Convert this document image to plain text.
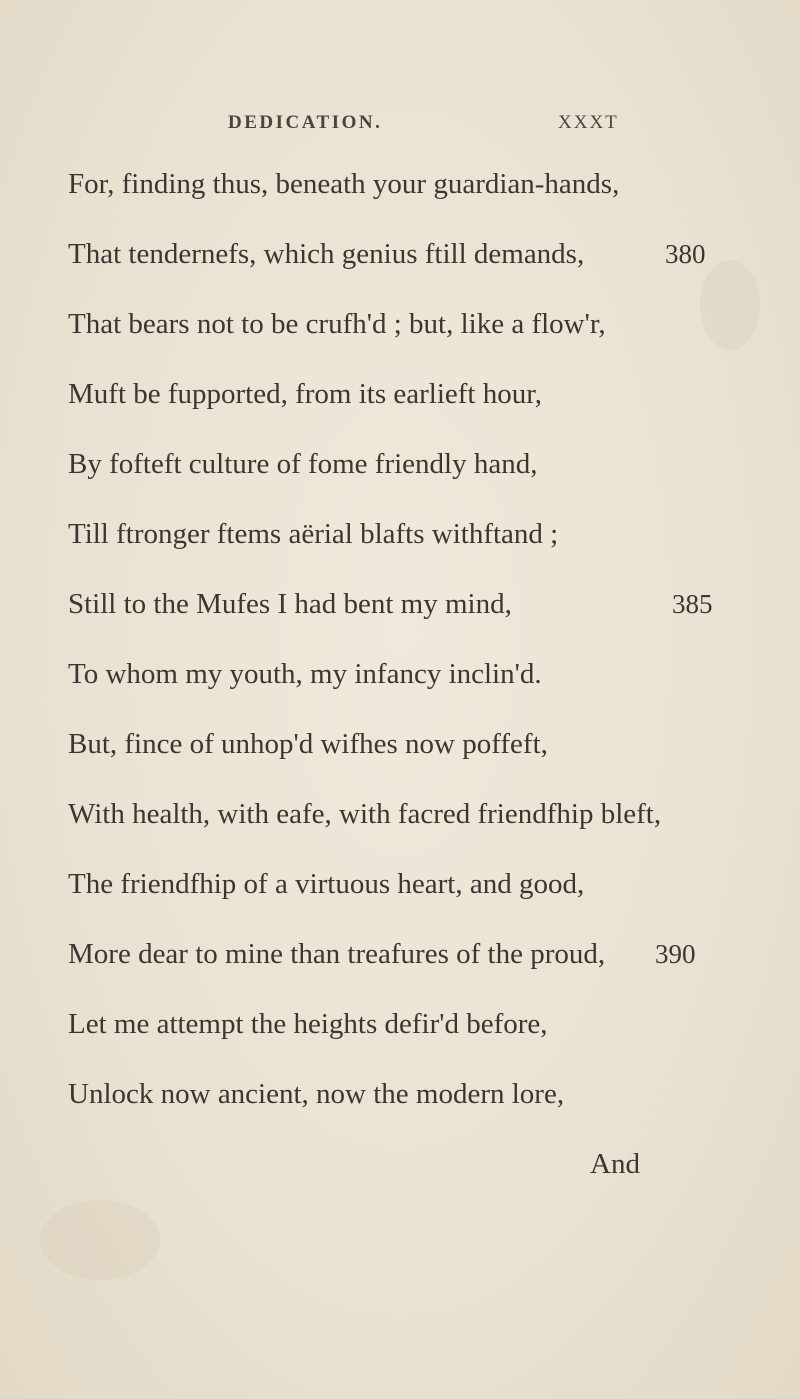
DEDICATION.	XXXT
For, finding thus, beneath your guardian-hands,
That tendernefs, which genius ftill demands,	380
That bears not to be crufh'd ; but, like a flow'r,
Muft be fupported, from its earlieft hour,
By fofteft culture of fome friendly hand,
Till ftronger ftems aërial blafts withftand ;
Still to the Mufes I had bent my mind,	385
To whom my youth, my infancy inclin'd.
But, fince of unhop'd wifhes now poffeft,
With health, with eafe, with facred friendfhip bleft,
The friendfhip of a virtuous heart, and good,
More dear to mine than treafures of the proud, 390
Let me attempt the heights defir'd before,
Unlock now ancient, now the modern lore,
And
